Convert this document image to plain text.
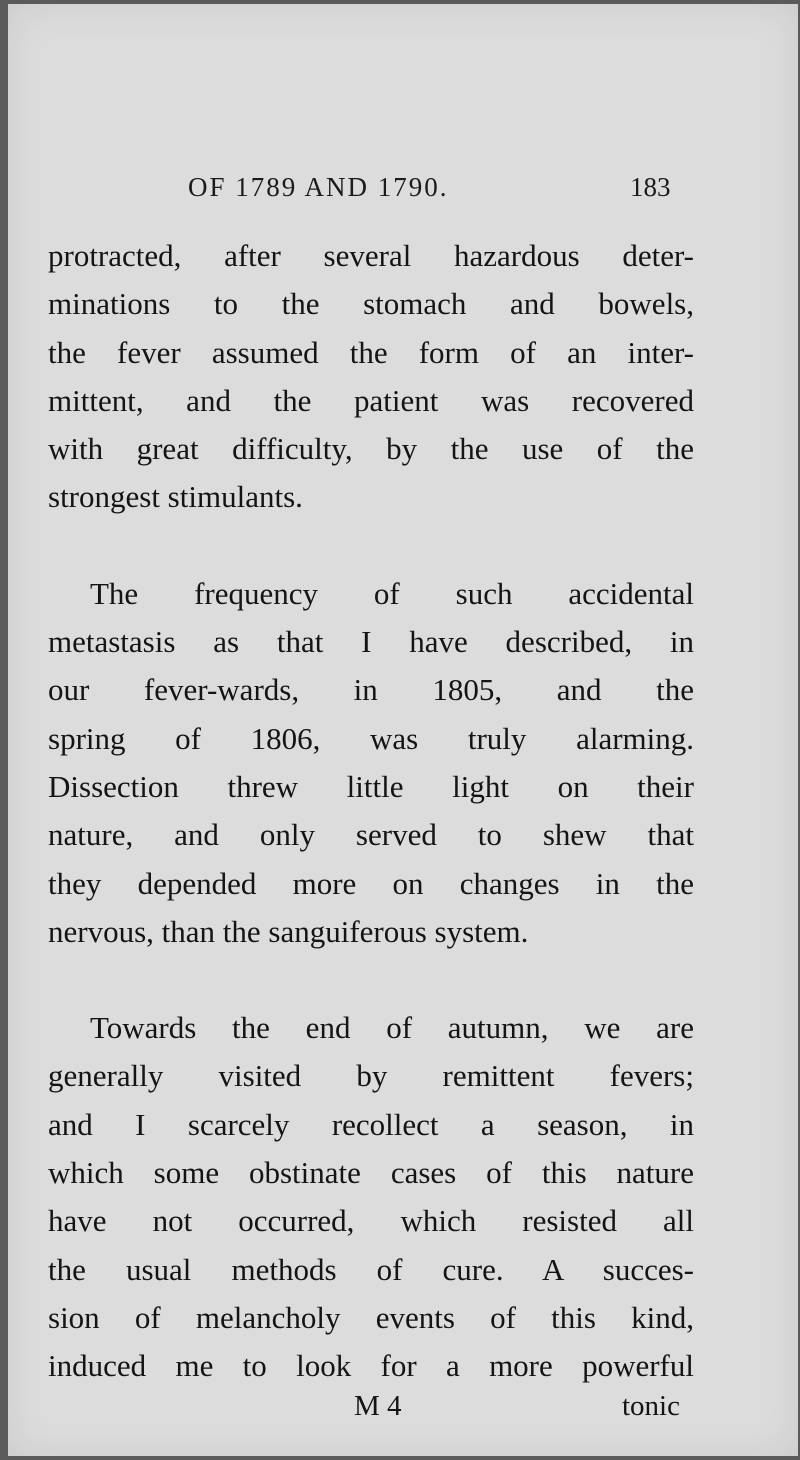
OF 1789 AND 1790.	183

protracted, after several hazardous deter-
minations to the stomach and bowels,
the fever assumed the form of an inter-
mittent, and the patient was recovered
with great difficulty, by the use of the
strongest stimulants.

The frequency of such accidental
metastasis as that I have described, in
our fever-wards, in 1805, and the
spring of 1806, was truly alarming.
Dissection threw little light on their
nature, and only served to shew that
they depended more on changes in the
nervous, than the sanguiferous system.

Towards the end of autumn, we are
generally visited by remittent fevers;
and I scarcely recollect a season, in
which some obstinate cases of this nature
have not occurred, which resisted all
the usual methods of cure. A succes-
sion of melancholy events of this kind,
induced me to look for a more powerful

M 4	tonic
